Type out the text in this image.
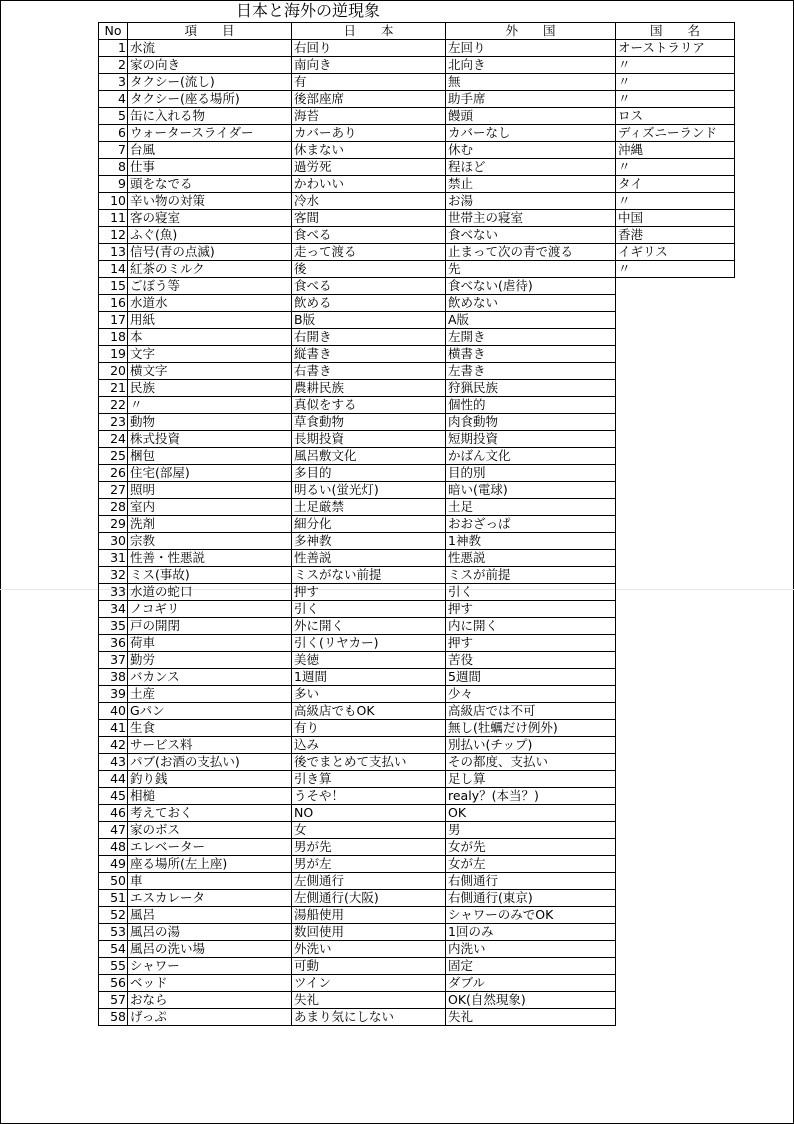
日本と海外の逆現象
No	項　　目	日　　本	外　　国	国　　名
1	水流	右回り	左回り	オーストラリア
2	家の向き	南向き	北向き	〃
3	タクシー(流し)	有	無	〃
4	タクシー(座る場所)	後部座席	助手席	〃
5	缶に入れる物	海苔	饅頭	ロス
6	ウォータースライダー	カバーあり	カバーなし	ディズニーランド
7	台風	休まない	休む	沖縄
8	仕事	過労死	程ほど	〃
9	頭をなでる	かわいい	禁止	タイ
10	辛い物の対策	冷水	お湯	〃
11	客の寝室	客間	世帯主の寝室	中国
12	ふぐ(魚)	食べる	食べない	香港
13	信号(青の点滅)	走って渡る	止まって次の青で渡る	イギリス
14	紅茶のミルク	後	先	〃
15	ごぼう等	食べる	食べない(虐待)	
16	水道水	飲める	飲めない	
17	用紙	B版	A版	
18	本	右開き	左開き	
19	文字	縦書き	横書き	
20	横文字	右書き	左書き	
21	民族	農耕民族	狩猟民族	
22	〃	真似をする	個性的	
23	動物	草食動物	肉食動物	
24	株式投資	長期投資	短期投資	
25	梱包	風呂敷文化	かばん文化	
26	住宅(部屋)	多目的	目的別	
27	照明	明るい(蛍光灯)	暗い(電球)	
28	室内	土足厳禁	土足	
29	洗剤	細分化	おおざっぱ	
30	宗教	多神教	1神教	
31	性善・性悪説	性善説	性悪説	
32	ミス(事故)	ミスがない前提	ミスが前提	
33	水道の蛇口	押す	引く	
34	ノコギリ	引く	押す	
35	戸の開閉	外に開く	内に開く	
36	荷車	引く(リヤカー)	押す	
37	勤労	美徳	苦役	
38	バカンス	1週間	5週間	
39	土産	多い	少々	
40	Gパン	高級店でもOK	高級店では不可	
41	生食	有り	無し(牡蠣だけ例外)	
42	サービス料	込み	別払い(チップ)	
43	パブ(お酒の支払い)	後でまとめて支払い	その都度、支払い	
44	釣り銭	引き算	足し算	
45	相槌	うそや！	realy？(本当？)	
46	考えておく	NO	OK	
47	家のボス	女	男	
48	エレベーター	男が先	女が先	
49	座る場所(左上座)	男が左	女が左	
50	車	左側通行	右側通行	
51	エスカレータ	左側通行(大阪)	右側通行(東京)	
52	風呂	湯船使用	シャワーのみでOK	
53	風呂の湯	数回使用	1回のみ	
54	風呂の洗い場	外洗い	内洗い	
55	シャワー	可動	固定	
56	ベッド	ツイン	ダブル	
57	おなら	失礼	OK(自然現象)	
58	げっぷ	あまり気にしない	失礼	
